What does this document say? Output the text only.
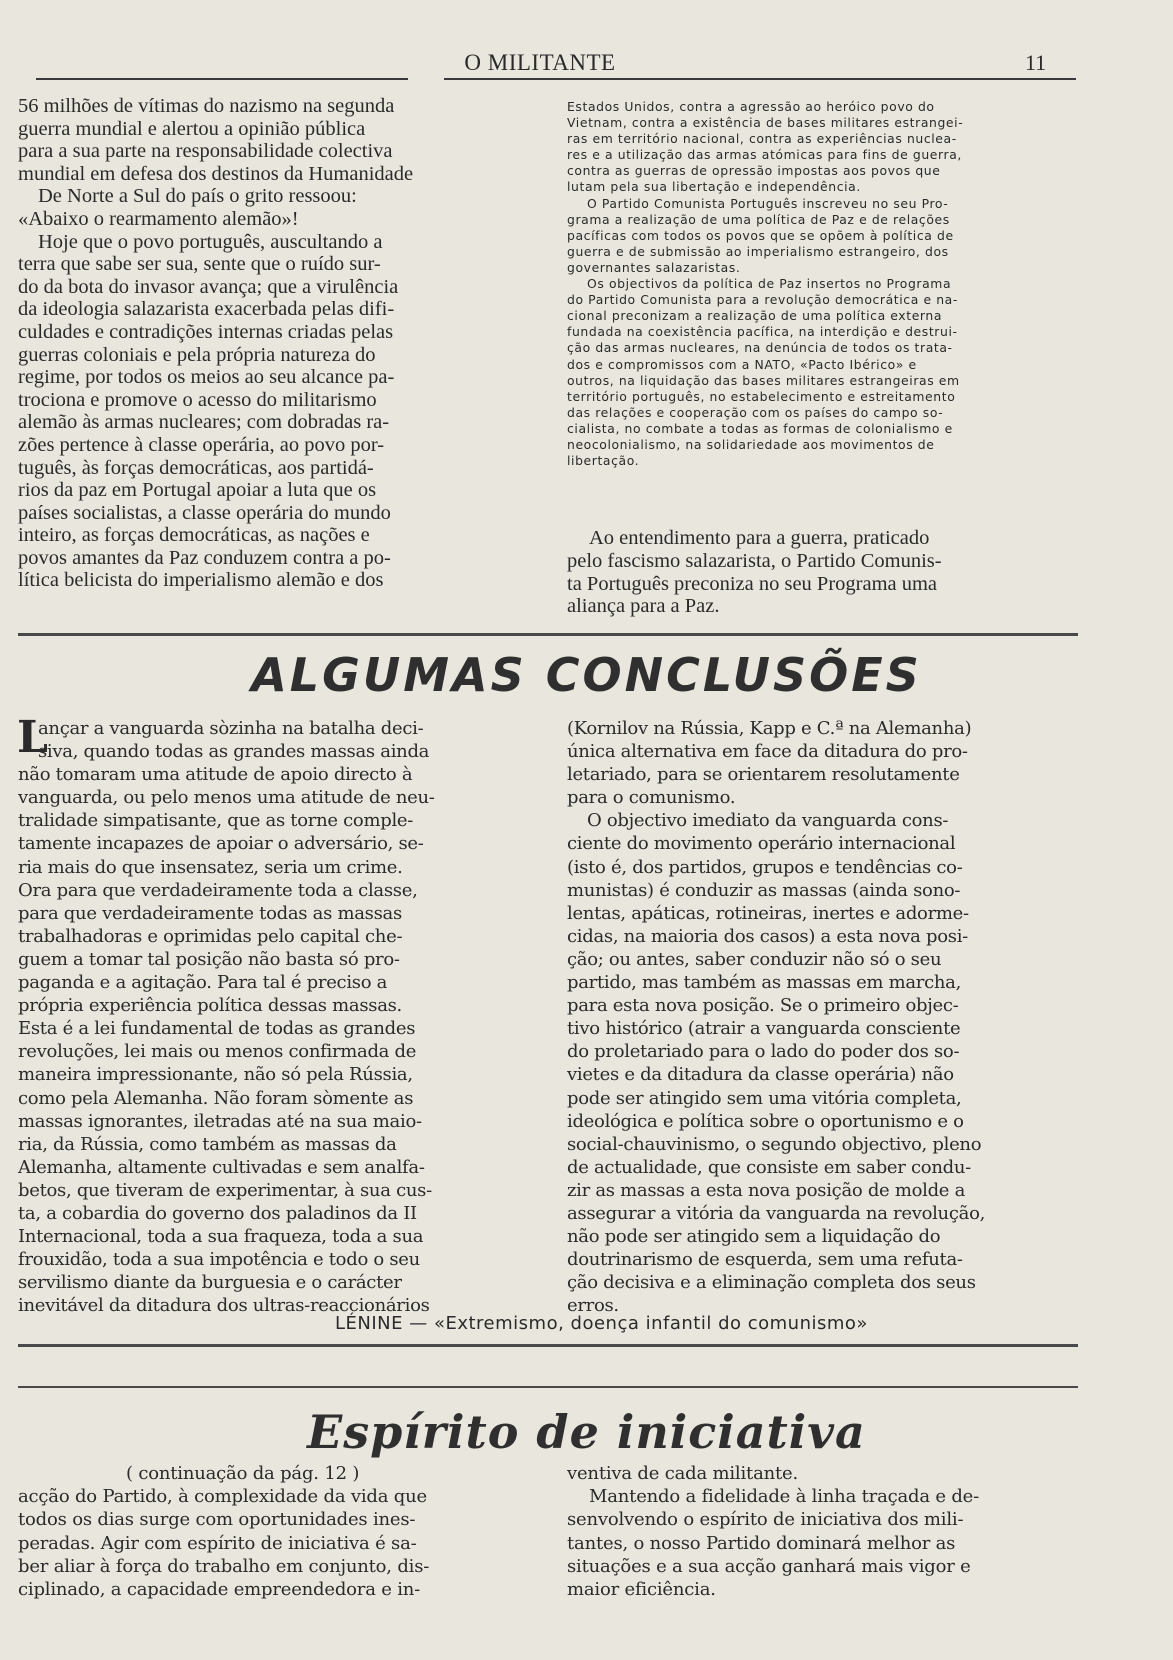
O MILITANTE	11
56 milhões de vítimas do nazismo na segunda
guerra mundial e alertou a opinião pública
para a sua parte na responsabilidade colectiva
mundial em defesa dos destinos da Humanidade
De Norte a Sul do país o grito ressoou:
«Abaixo o rearmamento alemão»!
Hoje que o povo português, auscultando a
terra que sabe ser sua, sente que o ruído sur-
do da bota do invasor avança; que a virulência
da ideologia salazarista exacerbada pelas difi-
culdades e contradições internas criadas pelas
guerras coloniais e pela própria natureza do
regime, por todos os meios ao seu alcance pa-
trociona e promove o acesso do militarismo
alemão às armas nucleares; com dobradas ra-
zões pertence à classe operária, ao povo por-
tuguês, às forças democráticas, aos partidá-
rios da paz em Portugal apoiar a luta que os
países socialistas, a classe operária do mundo
inteiro, as forças democráticas, as nações e
povos amantes da Paz conduzem contra a po-
lítica belicista do imperialismo alemão e dos
Estados Unidos, contra a agressão ao heróico povo do
Vietnam, contra a existência de bases militares estrangei-
ras em território nacional, contra as experiências nuclea-
res e a utilização das armas atómicas para fins de guerra,
contra as guerras de opressão impostas aos povos que
lutam pela sua libertação e independência.
O Partido Comunista Português inscreveu no seu Pro-
grama a realização de uma política de Paz e de relações
pacíficas com todos os povos que se opõem à política de
guerra e de submissão ao imperialismo estrangeiro, dos
governantes salazaristas.
Os objectivos da política de Paz insertos no Programa
do Partido Comunista para a revolução democrática e na-
cional preconizam a realização de uma política externa
fundada na coexistência pacífica, na interdição e destrui-
ção das armas nucleares, na denúncia de todos os trata-
dos e compromissos com a NATO, «Pacto Ibérico» e
outros, na liquidação das bases militares estrangeiras em
território português, no estabelecimento e estreitamento
das relações e cooperação com os países do campo so-
cialista, no combate a todas as formas de colonialismo e
neocolonialismo, na solidariedade aos movimentos de
libertação.
Ao entendimento para a guerra, praticado
pelo fascismo salazarista, o Partido Comunis-
ta Português preconiza no seu Programa uma
aliança para a Paz.
ALGUMAS CONCLUSÕES
L
ançar a vanguarda sòzinha na batalha deci-
siva, quando todas as grandes massas ainda
não tomaram uma atitude de apoio directo à
vanguarda, ou pelo menos uma atitude de neu-
tralidade simpatisante, que as torne comple-
tamente incapazes de apoiar o adversário, se-
ria mais do que insensatez, seria um crime.
Ora para que verdadeiramente toda a classe,
para que verdadeiramente todas as massas
trabalhadoras e oprimidas pelo capital che-
guem a tomar tal posição não basta só pro-
paganda e a agitação. Para tal é preciso a
própria experiência política dessas massas.
Esta é a lei fundamental de todas as grandes
revoluções, lei mais ou menos confirmada de
maneira impressionante, não só pela Rússia,
como pela Alemanha. Não foram sòmente as
massas ignorantes, iletradas até na sua maio-
ria, da Rússia, como também as massas da
Alemanha, altamente cultivadas e sem analfa-
betos, que tiveram de experimentar, à sua cus-
ta, a cobardia do governo dos paladinos da II
Internacional, toda a sua fraqueza, toda a sua
frouxidão, toda a sua impotência e todo o seu
servilismo diante da burguesia e o carácter
inevitável da ditadura dos ultras-reaccionários
(Kornilov na Rússia, Kapp e C.ª na Alemanha)
única alternativa em face da ditadura do pro-
letariado, para se orientarem resolutamente
para o comunismo.
O objectivo imediato da vanguarda cons-
ciente do movimento operário internacional
(isto é, dos partidos, grupos e tendências co-
munistas) é conduzir as massas (ainda sono-
lentas, apáticas, rotineiras, inertes e adorme-
cidas, na maioria dos casos) a esta nova posi-
ção; ou antes, saber conduzir não só o seu
partido, mas também as massas em marcha,
para esta nova posição. Se o primeiro objec-
tivo histórico (atrair a vanguarda consciente
do proletariado para o lado do poder dos so-
vietes e da ditadura da classe operária) não
pode ser atingido sem uma vitória completa,
ideológica e política sobre o oportunismo e o
social-chauvinismo, o segundo objectivo, pleno
de actualidade, que consiste em saber condu-
zir as massas a esta nova posição de molde a
assegurar a vitória da vanguarda na revolução,
não pode ser atingido sem a liquidação do
doutrinarismo de esquerda, sem uma refuta-
ção decisiva e a eliminação completa dos seus
erros.
LÉNINE — «Extremismo, doença infantil do comunismo»
Espírito de iniciativa
( continuação da pág. 12 )
acção do Partido, à complexidade da vida que
todos os dias surge com oportunidades ines-
peradas. Agir com espírito de iniciativa é sa-
ber aliar à força do trabalho em conjunto, dis-
ciplinado, a capacidade empreendedora e in-
ventiva de cada militante.
Mantendo a fidelidade à linha traçada e de-
senvolvendo o espírito de iniciativa dos mili-
tantes, o nosso Partido dominará melhor as
situações e a sua acção ganhará mais vigor e
maior eficiência.
